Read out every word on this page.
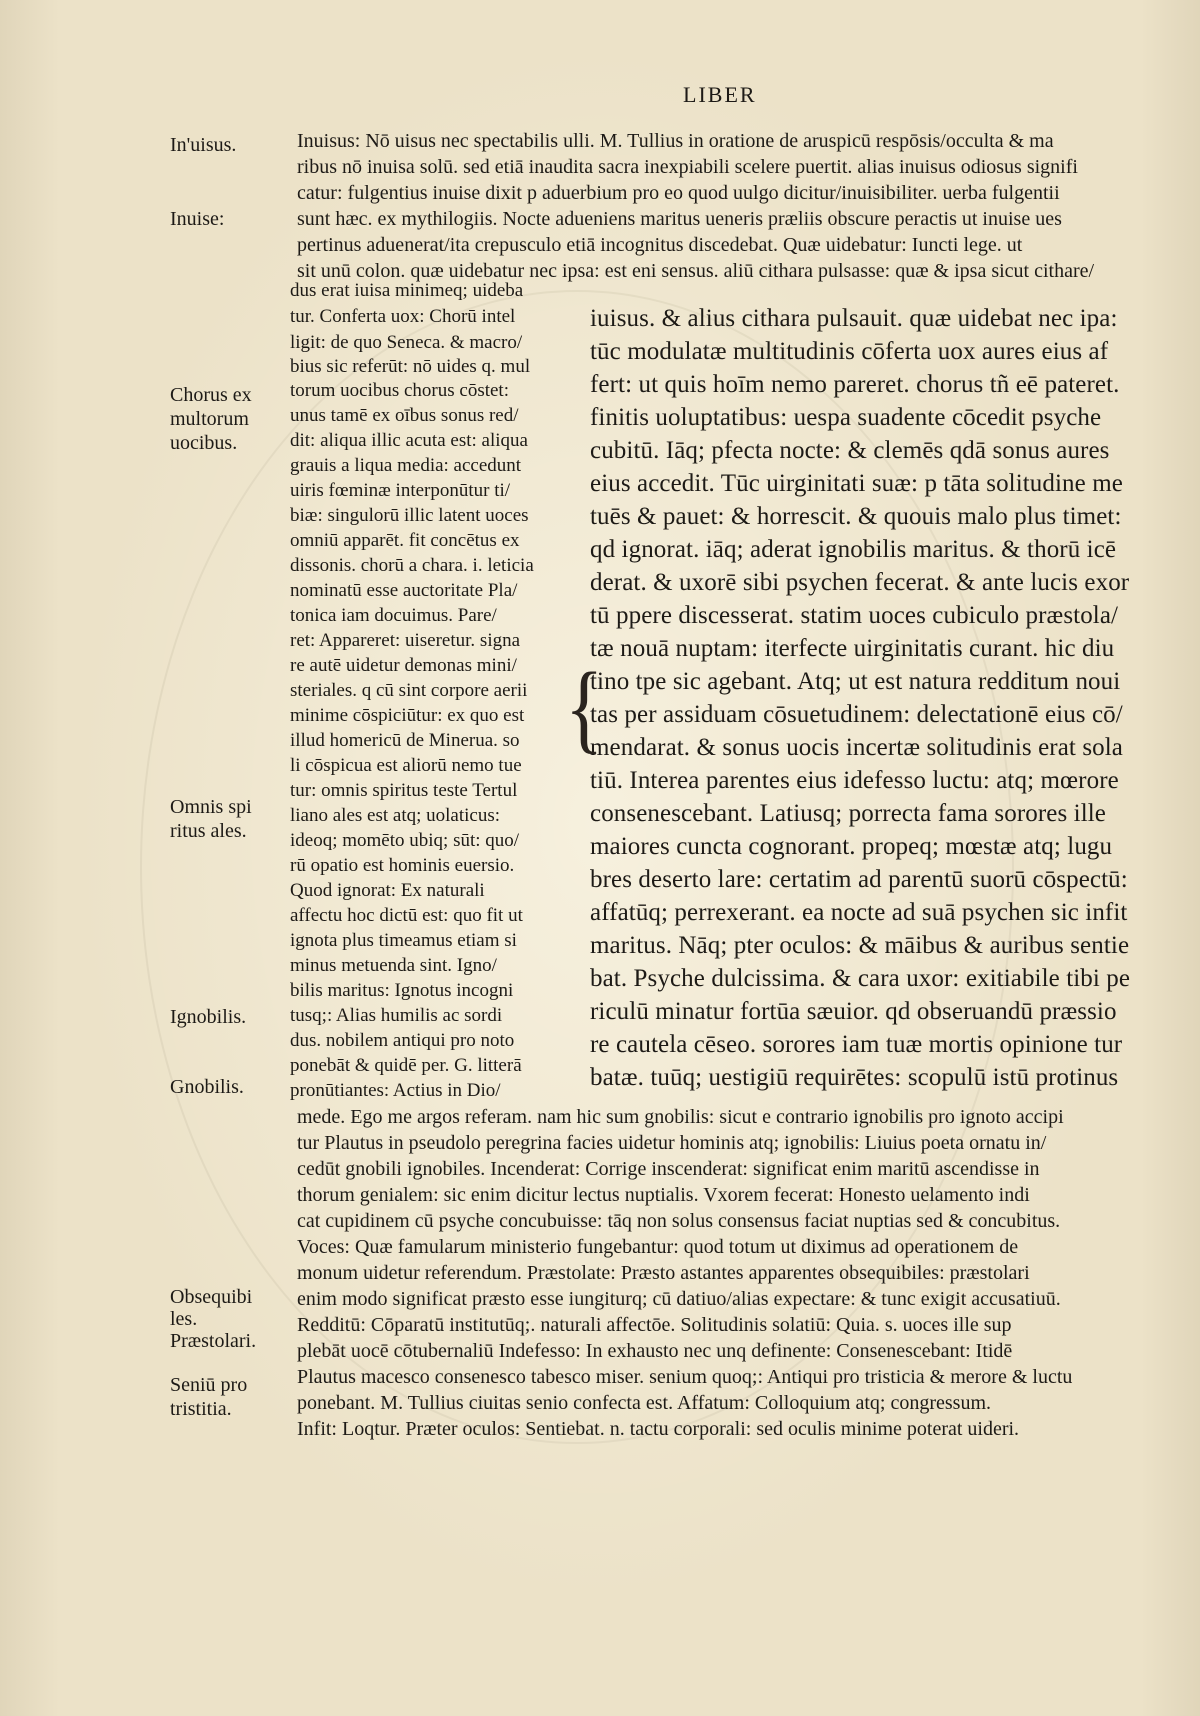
LIBER
Inuisus: Nō uisus nec spectabilis ulli. M. Tullius in oratione de aruspicū respōsis/occulta & ma
ribus nō inuisa solū. sed etiā inaudita sacra inexpiabili scelere puertit. alias inuisus odiosus signifi
catur: fulgentius inuise dixit p aduerbium pro eo quod uulgo dicitur/inuisibiliter. uerba fulgentii
sunt hæc. ex mythilogiis. Nocte adueniens maritus ueneris præliis obscure peractis ut inuise ues
pertinus aduenerat/ita crepusculo etiā incognitus discedebat. Quæ uidebatur: Iuncti lege. ut
sit unū colon. quæ uidebatur nec ipsa: est eni sensus. aliū cithara pulsasse: quæ & ipsa sicut cithare/
dus erat iuisa minimeq; uideba
tur. Conferta uox: Chorū intel
ligit: de quo Seneca. & macro/
bius sic referūt: nō uides q. mul
torum uocibus chorus cōstet:
unus tamē ex oībus sonus red/
dit: aliqua illic acuta est: aliqua
grauis a liqua media: accedunt
uiris fœminæ interponūtur ti/
biæ: singulorū illic latent uoces
omniū apparēt. fit concētus ex
dissonis. chorū a chara. i. leticia
nominatū esse auctoritate Pla/
tonica iam docuimus. Pare/
ret: Appareret: uiseretur. signa
re autē uidetur demonas mini/
steriales. q cū sint corpore aerii
minime cōspiciūtur: ex quo est
illud homericū de Minerua. so
li cōspicua est aliorū nemo tue
tur: omnis spiritus teste Tertul
liano ales est atq; uolaticus:
ideoq; momēto ubiq; sūt: quo/
rū opatio est hominis euersio.
Quod ignorat: Ex naturali
affectu hoc dictū est: quo fit ut
ignota plus timeamus etiam si
minus metuenda sint. Igno/
bilis maritus: Ignotus incogni
tusq;: Alias humilis ac sordi
dus. nobilem antiqui pro noto
ponebāt & quidē per. G. litterā
pronūtiantes: Actius in Dio/
iuisus. & alius cithara pulsauit. quæ uidebat nec ipa:
tūc modulatæ multitudinis cōferta uox aures eius af
fert: ut quis hoīm nemo pareret. chorus tñ eē pateret.
finitis uoluptatibus: uespa suadente cōcedit psyche
cubitū. Iāq; pfecta nocte: & clemēs qdā sonus aures
eius accedit. Tūc uirginitati suæ: p tāta solitudine me
tuēs & pauet: & horrescit. & quouis malo plus timet:
qd ignorat. iāq; aderat ignobilis maritus. & thorū icē
derat. & uxorē sibi psychen fecerat. & ante lucis exor
tū ppere discesserat. statim uoces cubiculo præstola/
tæ nouā nuptam: iterfecte uirginitatis curant. hic diu
tino tpe sic agebant. Atq; ut est natura redditum noui
tas per assiduam cōsuetudinem: delectationē eius cō/
mendarat. & sonus uocis incertæ solitudinis erat sola
tiū. Interea parentes eius idefesso luctu: atq; mœrore
consenescebant. Latiusq; porrecta fama sorores ille
maiores cuncta cognorant. propeq; mœstæ atq; lugu
bres deserto lare: certatim ad parentū suorū cōspectū:
affatūq; perrexerant. ea nocte ad suā psychen sic infit
maritus. Nāq; pter oculos: & māibus & auribus sentie
bat. Psyche dulcissima. & cara uxor: exitiabile tibi pe
riculū minatur fortūa sæuior. qd obseruandū præssio
re cautela cēseo. sorores iam tuæ mortis opinione tur
batæ. tuūq; uestigiū requirētes: scopulū istū protinus
{
mede. Ego me argos referam. nam hic sum gnobilis: sicut e contrario ignobilis pro ignoto accipi
tur Plautus in pseudolo peregrina facies uidetur hominis atq; ignobilis: Liuius poeta ornatu in/
cedūt gnobili ignobiles. Incenderat: Corrige inscenderat: significat enim maritū ascendisse in
thorum genialem: sic enim dicitur lectus nuptialis. Vxorem fecerat: Honesto uelamento indi
cat cupidinem cū psyche concubuisse: tāq non solus consensus faciat nuptias sed & concubitus.
Voces: Quæ famularum ministerio fungebantur: quod totum ut diximus ad operationem de
monum uidetur referendum. Præstolate: Præsto astantes apparentes obsequibiles: præstolari
enim modo significat præsto esse iungiturq; cū datiuo/alias expectare: & tunc exigit accusatiuū.
Redditū: Cōparatū institutūq;. naturali affectōe. Solitudinis solatiū: Quia. s. uoces ille sup
plebāt uocē cōtubernaliū Indefesso: In exhausto nec unq definente: Consenescebant: Itidē
Plautus macesco consenesco tabesco miser. senium quoq;: Antiqui pro tristicia & merore & luctu
ponebant. M. Tullius ciuitas senio confecta est. Affatum: Colloquium atq; congressum.
Infit: Loqtur. Præter oculos: Sentiebat. n. tactu corporali: sed oculis minime poterat uideri.
In'uisus.
Inuise:
Chorus ex
multorum
uocibus.
Omnis spi
ritus ales.
Ignobilis.
Gnobilis.
Obsequibi
les.
Præstolari.
Seniū pro
tristitia.
